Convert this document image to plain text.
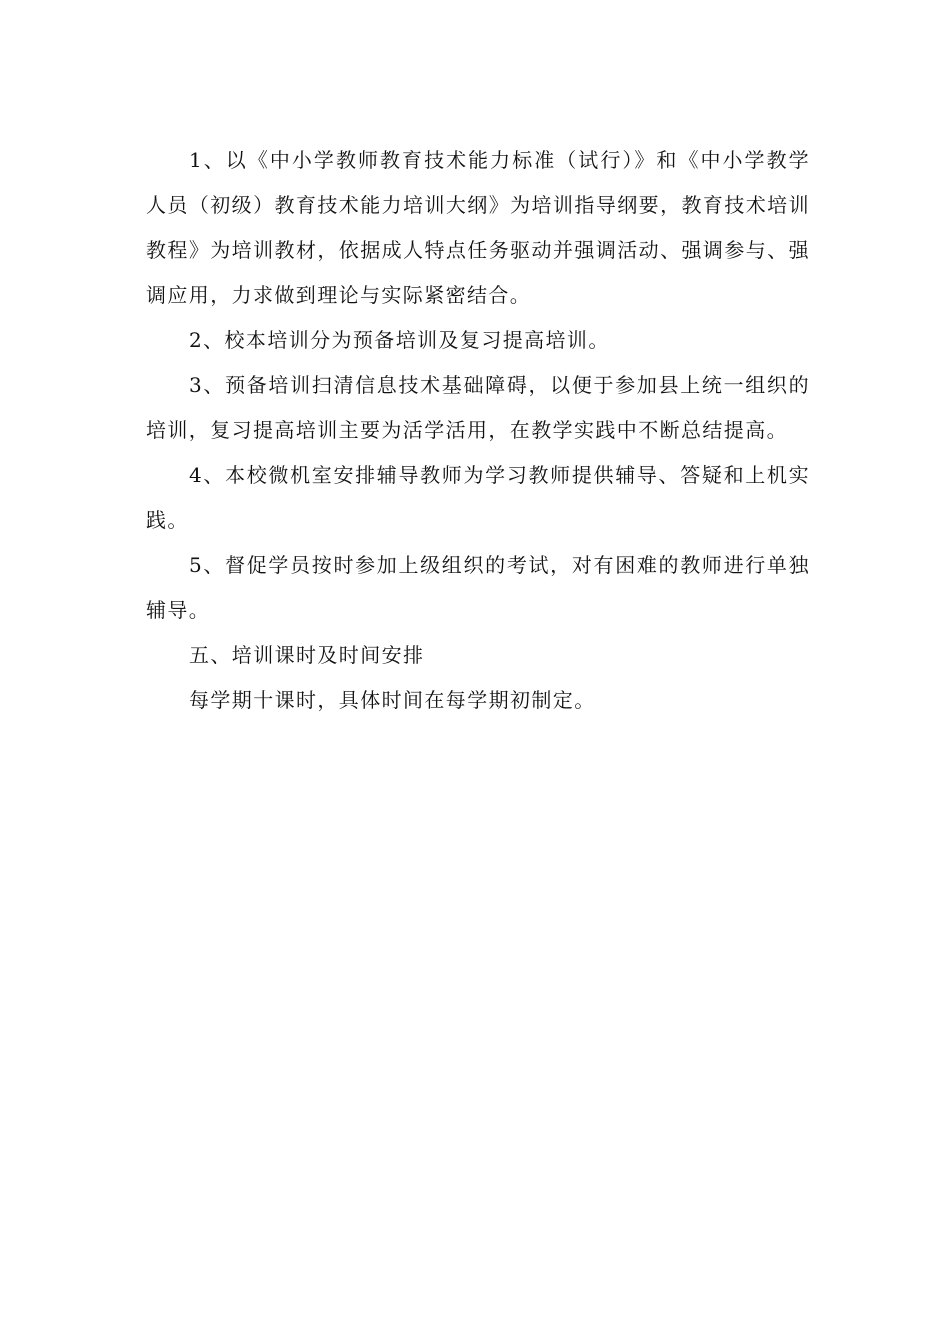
1、以《中小学教师教育技术能力标准（试行）》和《中小学教学人员（初级）教育技术能力培训大纲》为培训指导纲要，教育技术培训教程》为培训教材，依据成人特点任务驱动并强调活动、强调参与、强调应用，力求做到理论与实际紧密结合。

2、校本培训分为预备培训及复习提高培训。

3、预备培训扫清信息技术基础障碍，以便于参加县上统一组织的培训，复习提高培训主要为活学活用，在教学实践中不断总结提高。

4、本校微机室安排辅导教师为学习教师提供辅导、答疑和上机实践。

5、督促学员按时参加上级组织的考试，对有困难的教师进行单独辅导。

五、培训课时及时间安排

每学期十课时，具体时间在每学期初制定。
